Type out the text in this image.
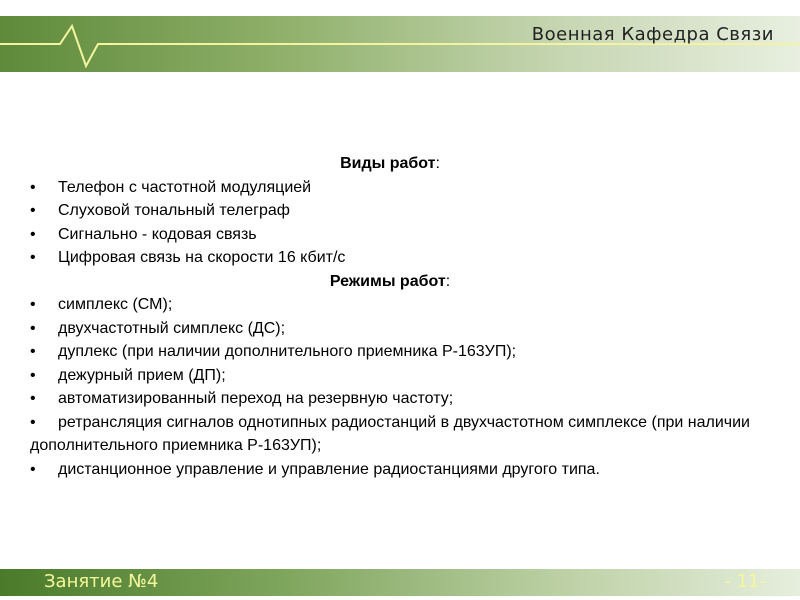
Военная Кафедра Связи
Виды работ:
• Телефон с частотной модуляцией
• Слуховой тональный телеграф
• Сигнально - кодовая связь
• Цифровая связь на скорости 16 кбит/с
Режимы работ:
• симплекс (СМ);
• двухчастотный симплекс (ДС);
• дуплекс (при наличии дополнительного приемника Р-163УП);
• дежурный прием (ДП);
• автоматизированный переход на резервную частоту;
• ретрансляция сигналов однотипных радиостанций в двухчастотном симплексе (при наличии дополнительного приемника Р-163УП);
• дистанционное управление и управление радиостанциями другого типа.
Занятие №4	- 11-
